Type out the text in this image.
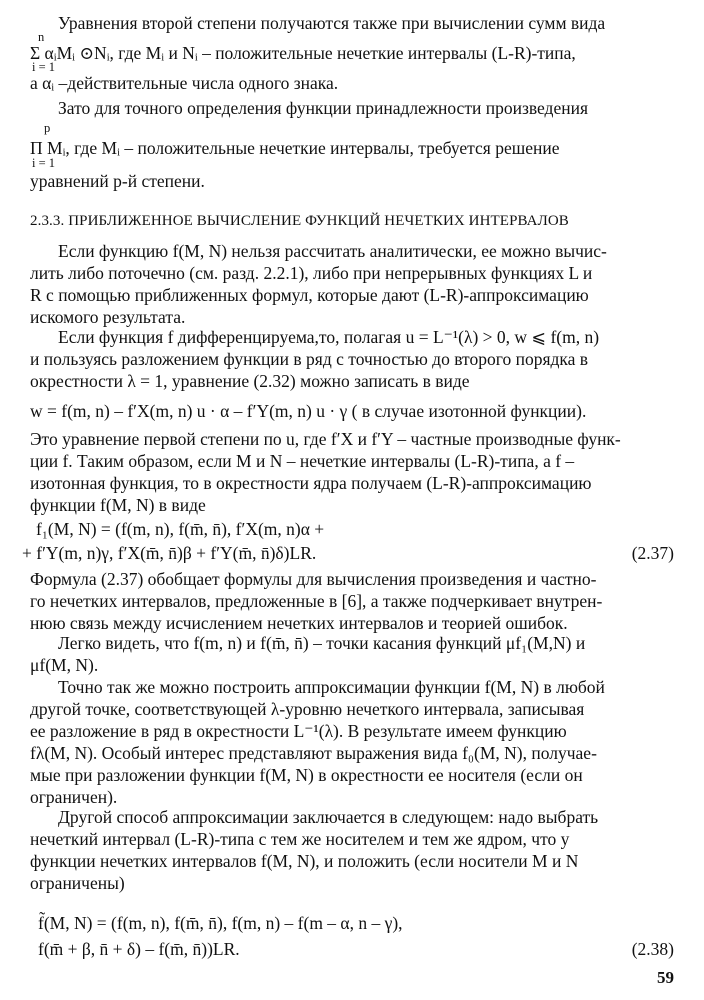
Уравнения второй степени получаются также при вычислении сумм вида
n
Σ αᵢMᵢ ⊙Nᵢ, где Mᵢ и Nᵢ – положительные нечеткие интервалы (L-R)-типа,
i = 1
a αᵢ –действительные числа одного знака.
Зато для точного определения функции принадлежности произведения
p
Π Mᵢ, где Mᵢ – положительные нечеткие интервалы, требуется решение
i = 1
уравнений p-й степени.
2.3.3. ПРИБЛИЖЕННОЕ ВЫЧИСЛЕНИЕ ФУНКЦИЙ НЕЧЕТКИХ ИНТЕРВАЛОВ
Если функцию f(M, N) нельзя рассчитать аналитически, ее можно вычис-
лить либо поточечно (см. разд. 2.2.1), либо при непрерывных функциях L и
R с помощью приближенных формул, которые дают (L-R)-аппроксимацию
искомого результата.
Если функция f дифференцируема,то, полагая u = L⁻¹(λ) > 0, w ⩽ f(m, n)
и пользуясь разложением функции в ряд с точностью до второго порядка в
окрестности λ = 1, уравнение (2.32) можно записать в виде
w = f(m, n) – f′X(m, n) u · α – f′Y(m, n) u · γ ( в случае изотонной функции).
Это уравнение первой степени по u, где f′X и f′Y – частные производные функ-
ции f. Таким образом, если M и N – нечеткие интервалы (L-R)-типа, а f –
изотонная функция, то в окрестности ядра получаем (L-R)-аппроксимацию
функции f(M, N) в виде
f₁(M, N) = (f(m, n), f(m̄, n̄), f′X(m, n)α +
+ f′Y(m, n)γ, f′X(m̄, n̄)β + f′Y(m̄, n̄)δ)LR.	(2.37)
Формула (2.37) обобщает формулы для вычисления произведения и частно-
го нечетких интервалов, предложенные в [6], а также подчеркивает внутрен-
нюю связь между исчислением нечетких интервалов и теорией ошибок.
Легко видеть, что f(m, n) и f(m̄, n̄) – точки касания функций μf₁(M,N) и
μf(M, N).
Точно так же можно построить аппроксимации функции f(M, N) в любой
другой точке, соответствующей λ-уровню нечеткого интервала, записывая
ее разложение в ряд в окрестности L⁻¹(λ). В результате имеем функцию
fλ(M, N). Особый интерес представляют выражения вида f₀(M, N), получае-
мые при разложении функции f(M, N) в окрестности ее носителя (если он
ограничен).
Другой способ аппроксимации заключается в следующем: надо выбрать
нечеткий интервал (L-R)-типа с тем же носителем и тем же ядром, что у
функции нечетких интервалов f(M, N), и положить (если носители M и N
ограничены)
f̃(M, N) = (f(m, n), f(m̄, n̄), f(m, n) – f(m – α, n – γ),
f(m̄ + β, n̄ + δ) – f(m̄, n̄))LR.	(2.38)
59
